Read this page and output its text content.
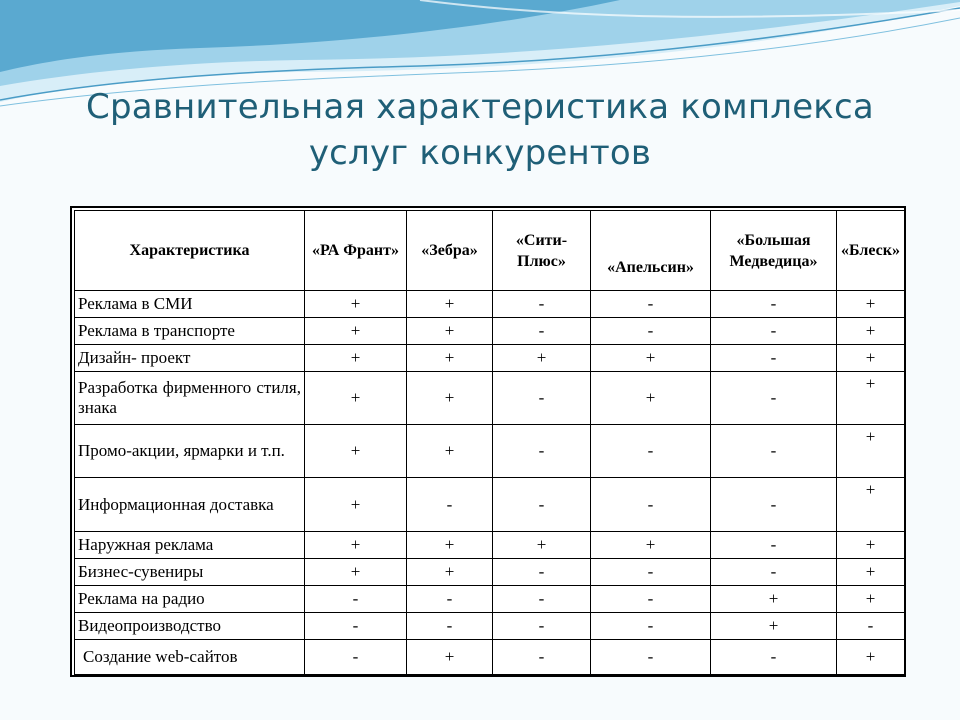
Сравнительная характеристика комплекса
услуг конкурентов
Характеристика	«РА Франт»	«Зебра»	«Сити-Плюс»	«Апельсин»	«Большая Медведица»	«Блеск»
Реклама в СМИ	+	+	-	-	-	+
Реклама в транспорте	+	+	-	-	-	+
Дизайн- проект	+	+	+	+	-	+
Разработка фирменного стиля, знака	+	+	-	+	-	+
Промо-акции, ярмарки и т.п.	+	+	-	-	-	+
Информационная доставка	+	-	-	-	-	+
Наружная реклама	+	+	+	+	-	+
Бизнес-сувениры	+	+	-	-	-	+
Реклама на радио	-	-	-	-	+	+
Видеопроизводство	-	-	-	-	+	-
Создание web-сайтов	-	+	-	-	-	+
